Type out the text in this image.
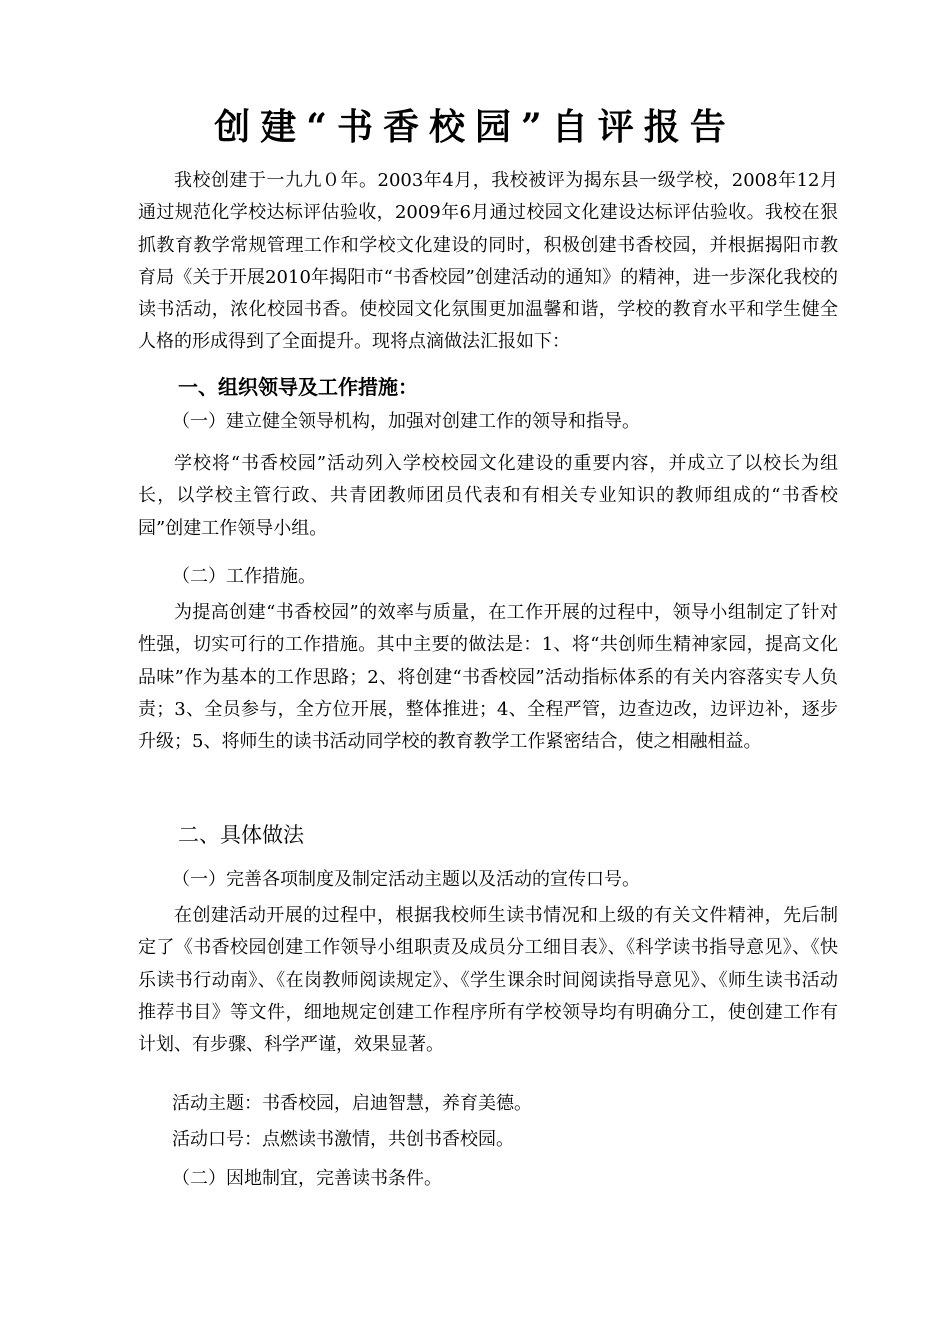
创建“书香校园”自评报告

我校创建于一九九０年。2003年4月，我校被评为揭东县一级学校，2008年12月通过规范化学校达标评估验收，2009年6月通过校园文化建设达标评估验收。我校在狠抓教育教学常规管理工作和学校文化建设的同时，积极创建书香校园，并根据揭阳市教育局《关于开展2010年揭阳市“书香校园”创建活动的通知》的精神，进一步深化我校的读书活动，浓化校园书香。使校园文化氛围更加温馨和谐，学校的教育水平和学生健全人格的形成得到了全面提升。现将点滴做法汇报如下：

一、组织领导及工作措施：
（一）建立健全领导机构，加强对创建工作的领导和指导。

学校将“书香校园”活动列入学校校园文化建设的重要内容，并成立了以校长为组长，以学校主管行政、共青团教师团员代表和有相关专业知识的教师组成的“书香校园”创建工作领导小组。

（二）工作措施。

为提高创建“书香校园”的效率与质量，在工作开展的过程中，领导小组制定了针对性强，切实可行的工作措施。其中主要的做法是：1、将“共创师生精神家园，提高文化品味”作为基本的工作思路；2、将创建“书香校园”活动指标体系的有关内容落实专人负责；3、全员参与，全方位开展，整体推进；4、全程严管，边查边改，边评边补，逐步升级；5、将师生的读书活动同学校的教育教学工作紧密结合，使之相融相益。

二、具体做法
（一）完善各项制度及制定活动主题以及活动的宣传口号。

在创建活动开展的过程中，根据我校师生读书情况和上级的有关文件精神，先后制定了《书香校园创建工作领导小组职责及成员分工细目表》、《科学读书指导意见》、《快乐读书行动南》、《在岗教师阅读规定》、《学生课余时间阅读指导意见》、《师生读书活动推荐书目》等文件，细地规定创建工作程序所有学校领导均有明确分工，使创建工作有计划、有步骤、科学严谨，效果显著。

活动主题：书香校园，启迪智慧，养育美德。
活动口号：点燃读书激情，共创书香校园。
（二）因地制宜，完善读书条件。
